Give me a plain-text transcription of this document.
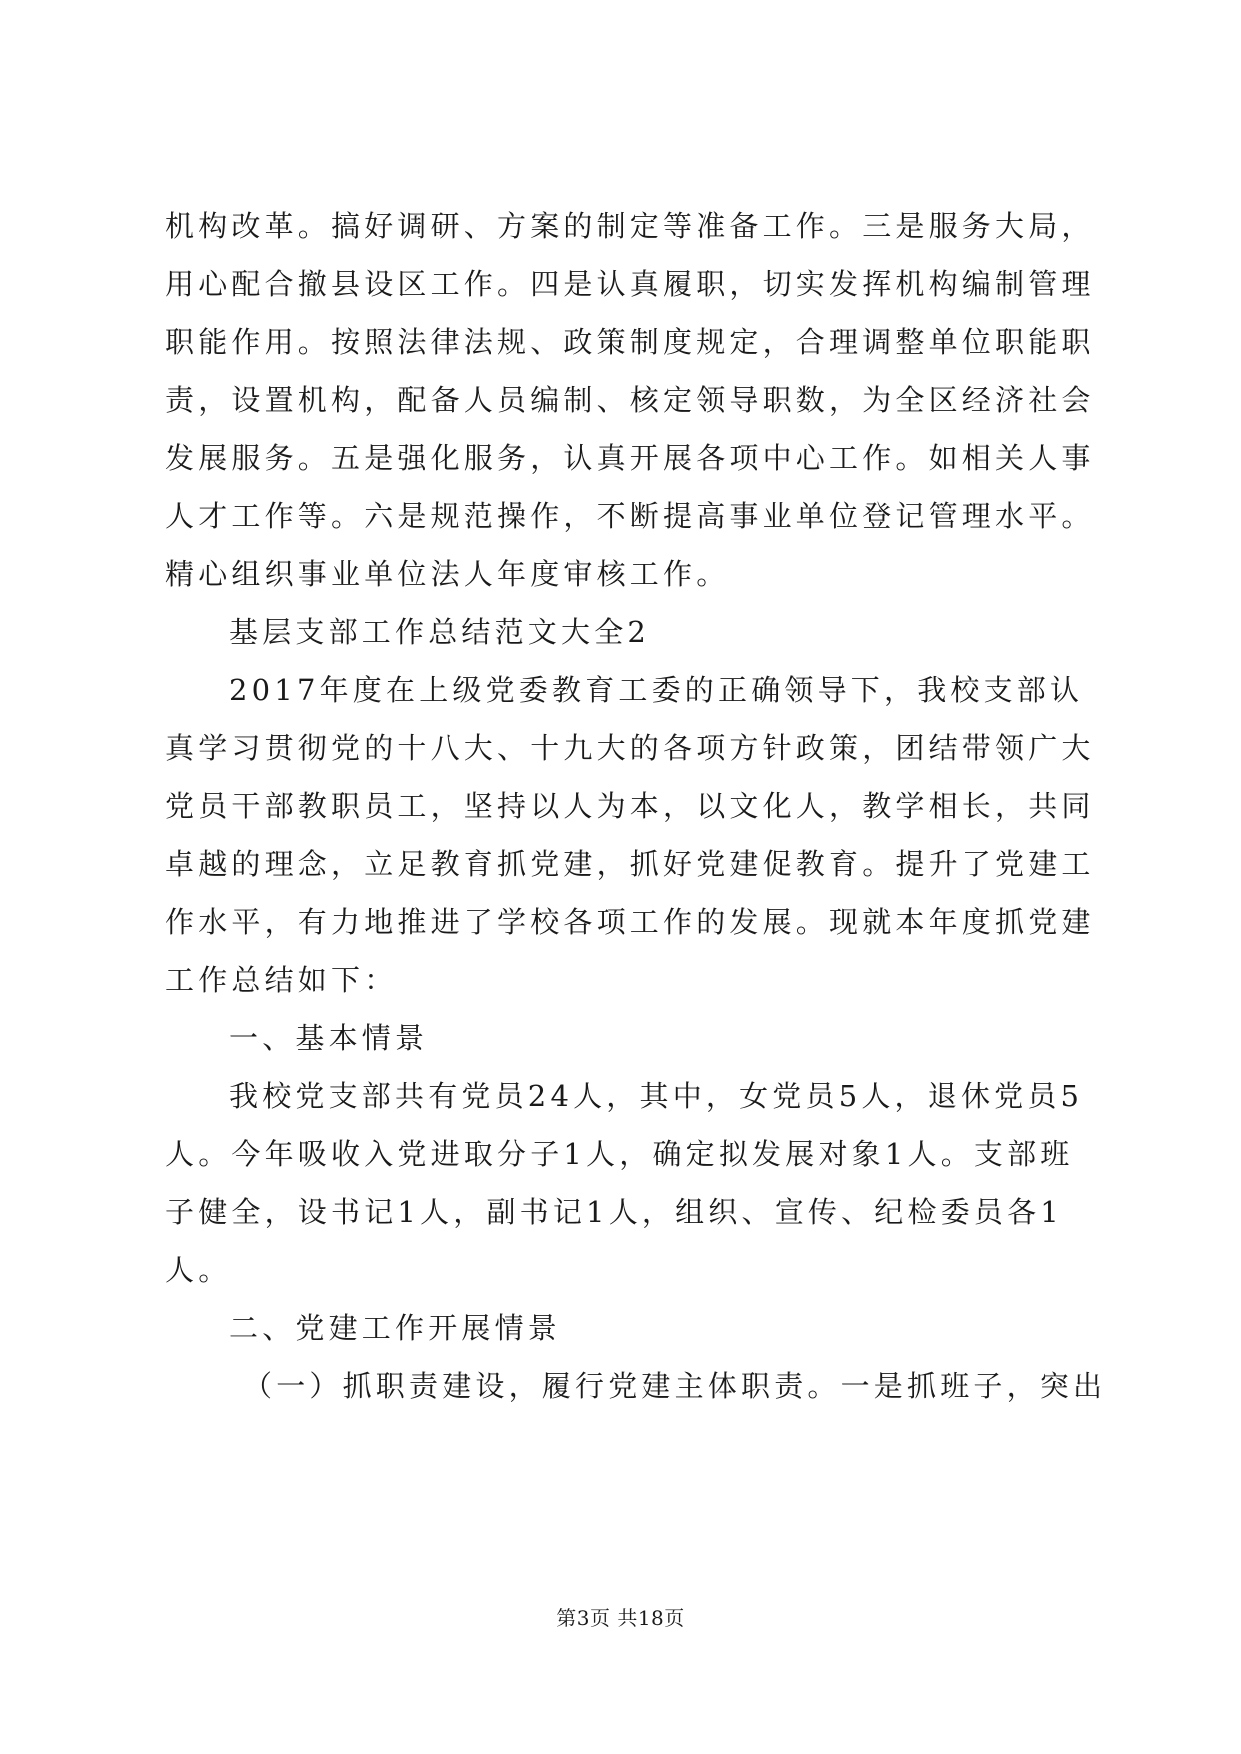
机构改革。搞好调研、方案的制定等准备工作。三是服务大局，
用心配合撤县设区工作。四是认真履职，切实发挥机构编制管理
职能作用。按照法律法规、政策制度规定，合理调整单位职能职
责，设置机构，配备人员编制、核定领导职数，为全区经济社会
发展服务。五是强化服务，认真开展各项中心工作。如相关人事
人才工作等。六是规范操作，不断提高事业单位登记管理水平。
精心组织事业单位法人年度审核工作。
基层支部工作总结范文大全2
2017年度在上级党委教育工委的正确领导下，我校支部认
真学习贯彻党的十八大、十九大的各项方针政策，团结带领广大
党员干部教职员工，坚持以人为本，以文化人，教学相长，共同
卓越的理念，立足教育抓党建，抓好党建促教育。提升了党建工
作水平，有力地推进了学校各项工作的发展。现就本年度抓党建
工作总结如下：
一、基本情景
我校党支部共有党员24人，其中，女党员5人，退休党员5
人。今年吸收入党进取分子1人，确定拟发展对象1人。支部班
子健全，设书记1人，副书记1人，组织、宣传、纪检委员各1
人。
二、党建工作开展情景
（一）抓职责建设，履行党建主体职责。一是抓班子，突出
第3页 共18页
